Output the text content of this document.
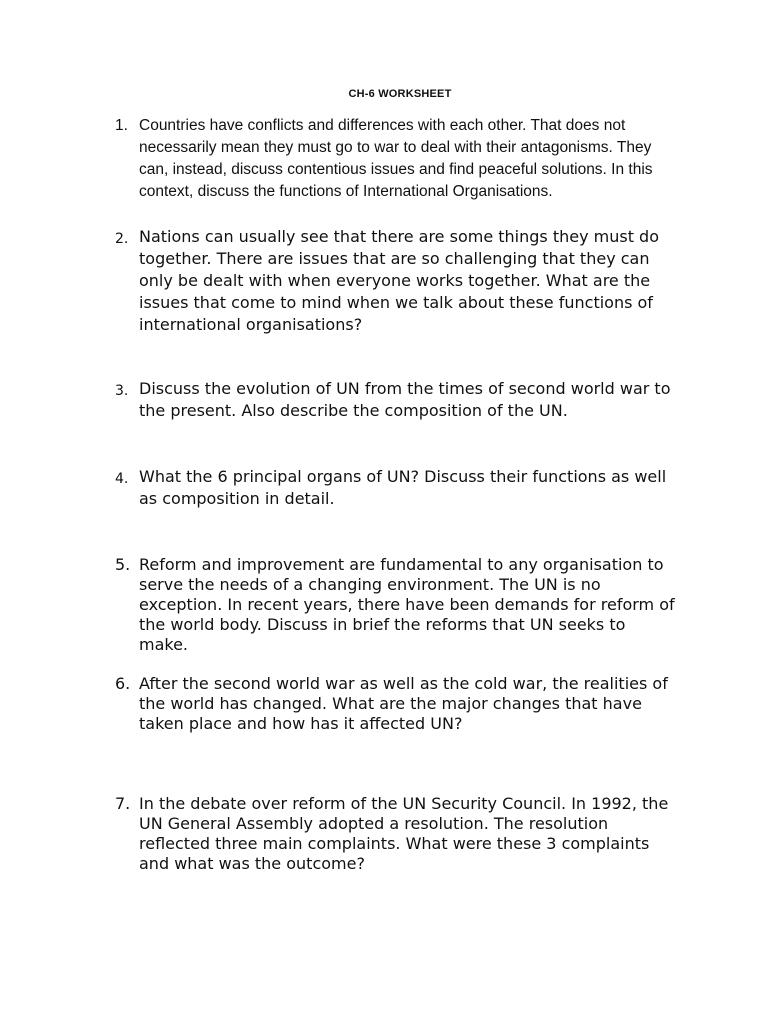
CH-6 WORKSHEET
1. Countries have conflicts and differences with each other. That does not necessarily mean they must go to war to deal with their antagonisms. They can, instead, discuss contentious issues and find peaceful solutions. In this context, discuss the functions of International Organisations.
2. Nations can usually see that there are some things they must do together. There are issues that are so challenging that they can only be dealt with when everyone works together. What are the issues that come to mind when we talk about these functions of international organisations?
3. Discuss the evolution of UN from the times of second world war to the present. Also describe the composition of the UN.
4. What the 6 principal organs of UN? Discuss their functions as well as composition in detail.
5. Reform and improvement are fundamental to any organisation to serve the needs of a changing environment. The UN is no exception. In recent years, there have been demands for reform of the world body. Discuss in brief the reforms that UN seeks to make.
6. After the second world war as well as the cold war, the realities of the world has changed. What are the major changes that have taken place and how has it affected UN?
7. In the debate over reform of the UN Security Council. In 1992, the UN General Assembly adopted a resolution. The resolution reflected three main complaints. What were these 3 complaints and what was the outcome?
